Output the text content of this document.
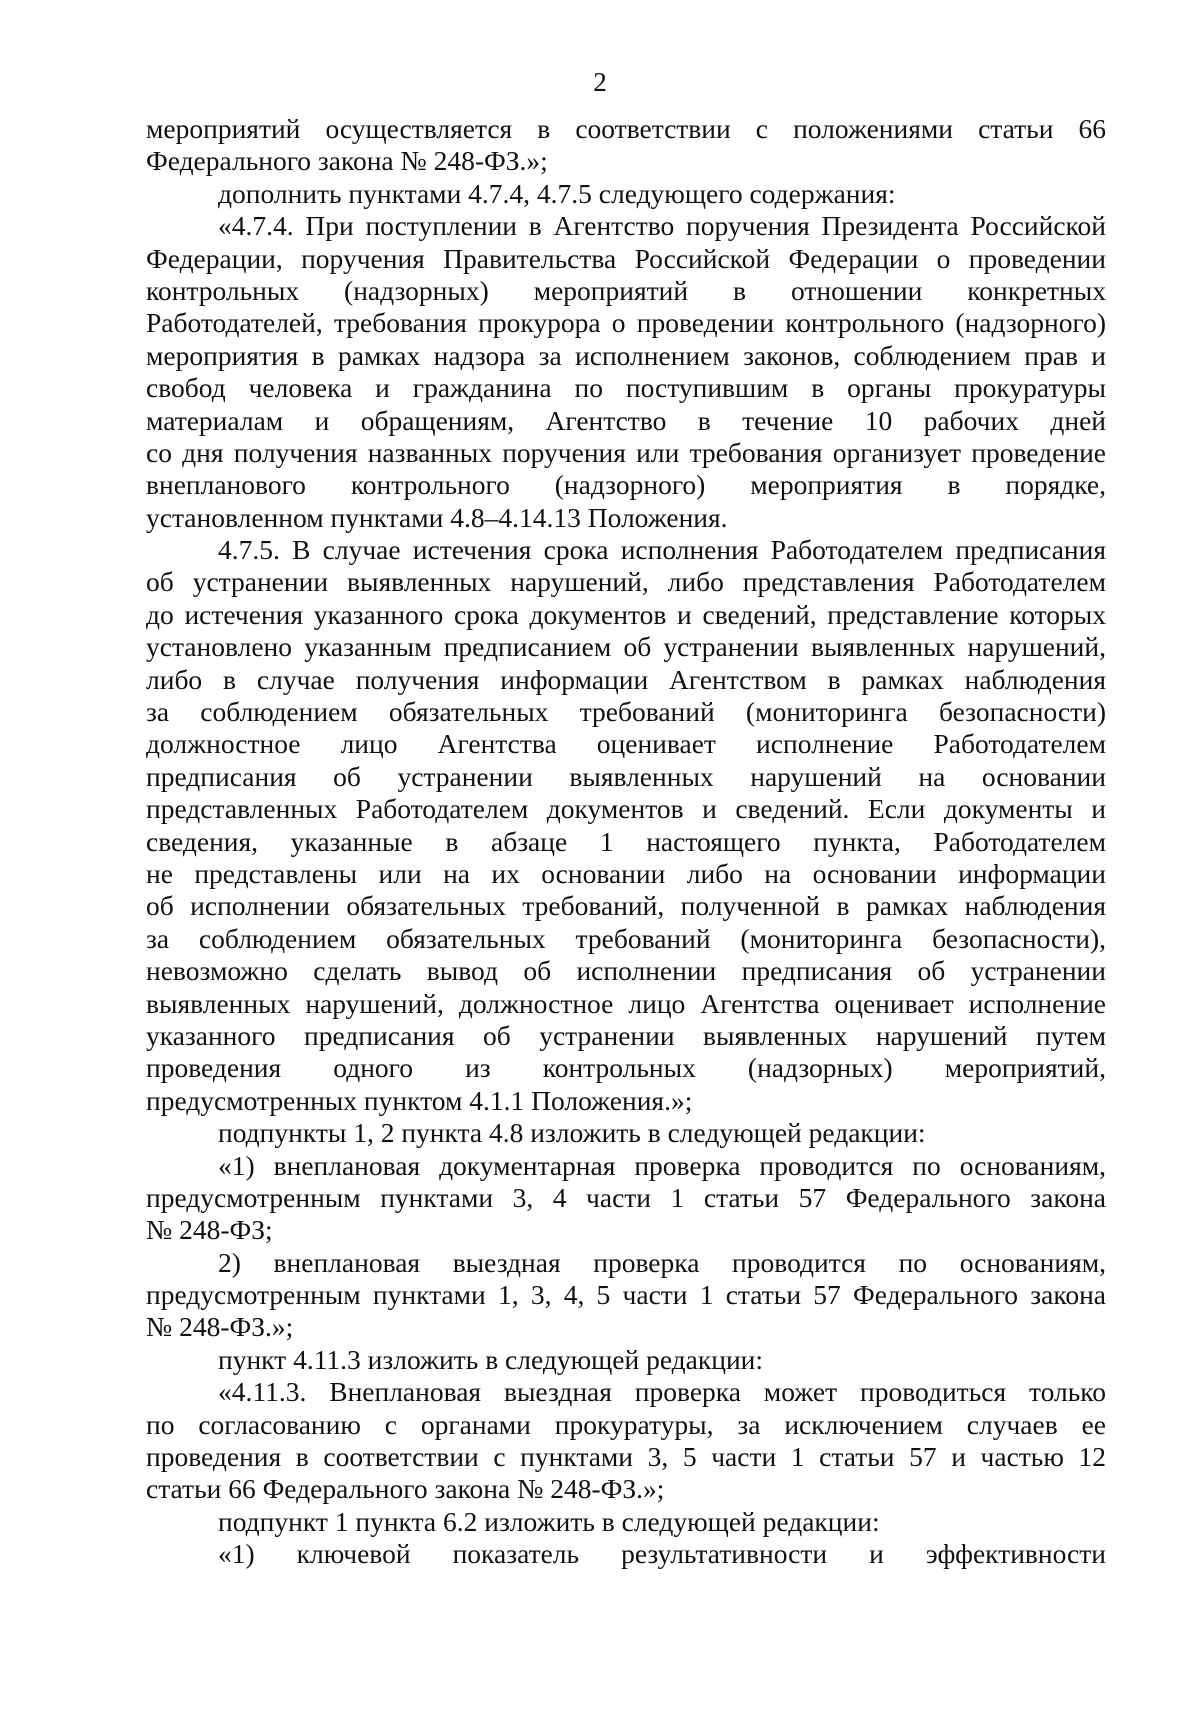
2
мероприятий осуществляется в соответствии с положениями статьи 66
Федерального закона № 248-ФЗ.»;
дополнить пунктами 4.7.4, 4.7.5 следующего содержания:
«4.7.4. При поступлении в Агентство поручения Президента Российской
Федерации, поручения Правительства Российской Федерации о проведении
контрольных (надзорных) мероприятий в отношении конкретных
Работодателей, требования прокурора о проведении контрольного (надзорного)
мероприятия в рамках надзора за исполнением законов, соблюдением прав и
свобод человека и гражданина по поступившим в органы прокуратуры
материалам и обращениям, Агентство в течение 10 рабочих дней
со дня получения названных поручения или требования организует проведение
внепланового контрольного (надзорного) мероприятия в порядке,
установленном пунктами 4.8–4.14.13 Положения.
4.7.5. В случае истечения срока исполнения Работодателем предписания
об устранении выявленных нарушений, либо представления Работодателем
до истечения указанного срока документов и сведений, представление которых
установлено указанным предписанием об устранении выявленных нарушений,
либо в случае получения информации Агентством в рамках наблюдения
за соблюдением обязательных требований (мониторинга безопасности)
должностное лицо Агентства оценивает исполнение Работодателем
предписания об устранении выявленных нарушений на основании
представленных Работодателем документов и сведений. Если документы и
сведения, указанные в абзаце 1 настоящего пункта, Работодателем
не представлены или на их основании либо на основании информации
об исполнении обязательных требований, полученной в рамках наблюдения
за соблюдением обязательных требований (мониторинга безопасности),
невозможно сделать вывод об исполнении предписания об устранении
выявленных нарушений, должностное лицо Агентства оценивает исполнение
указанного предписания об устранении выявленных нарушений путем
проведения одного из контрольных (надзорных) мероприятий,
предусмотренных пунктом 4.1.1 Положения.»;
подпункты 1, 2 пункта 4.8 изложить в следующей редакции:
«1) внеплановая документарная проверка проводится по основаниям,
предусмотренным пунктами 3, 4 части 1 статьи 57 Федерального закона
№ 248-ФЗ;
2) внеплановая выездная проверка проводится по основаниям,
предусмотренным пунктами 1, 3, 4, 5 части 1 статьи 57 Федерального закона
№ 248-ФЗ.»;
пункт 4.11.3 изложить в следующей редакции:
«4.11.3. Внеплановая выездная проверка может проводиться только
по согласованию с органами прокуратуры, за исключением случаев ее
проведения в соответствии с пунктами 3, 5 части 1 статьи 57 и частью 12
статьи 66 Федерального закона № 248-ФЗ.»;
подпункт 1 пункта 6.2 изложить в следующей редакции:
«1) ключевой показатель результативности и эффективности
